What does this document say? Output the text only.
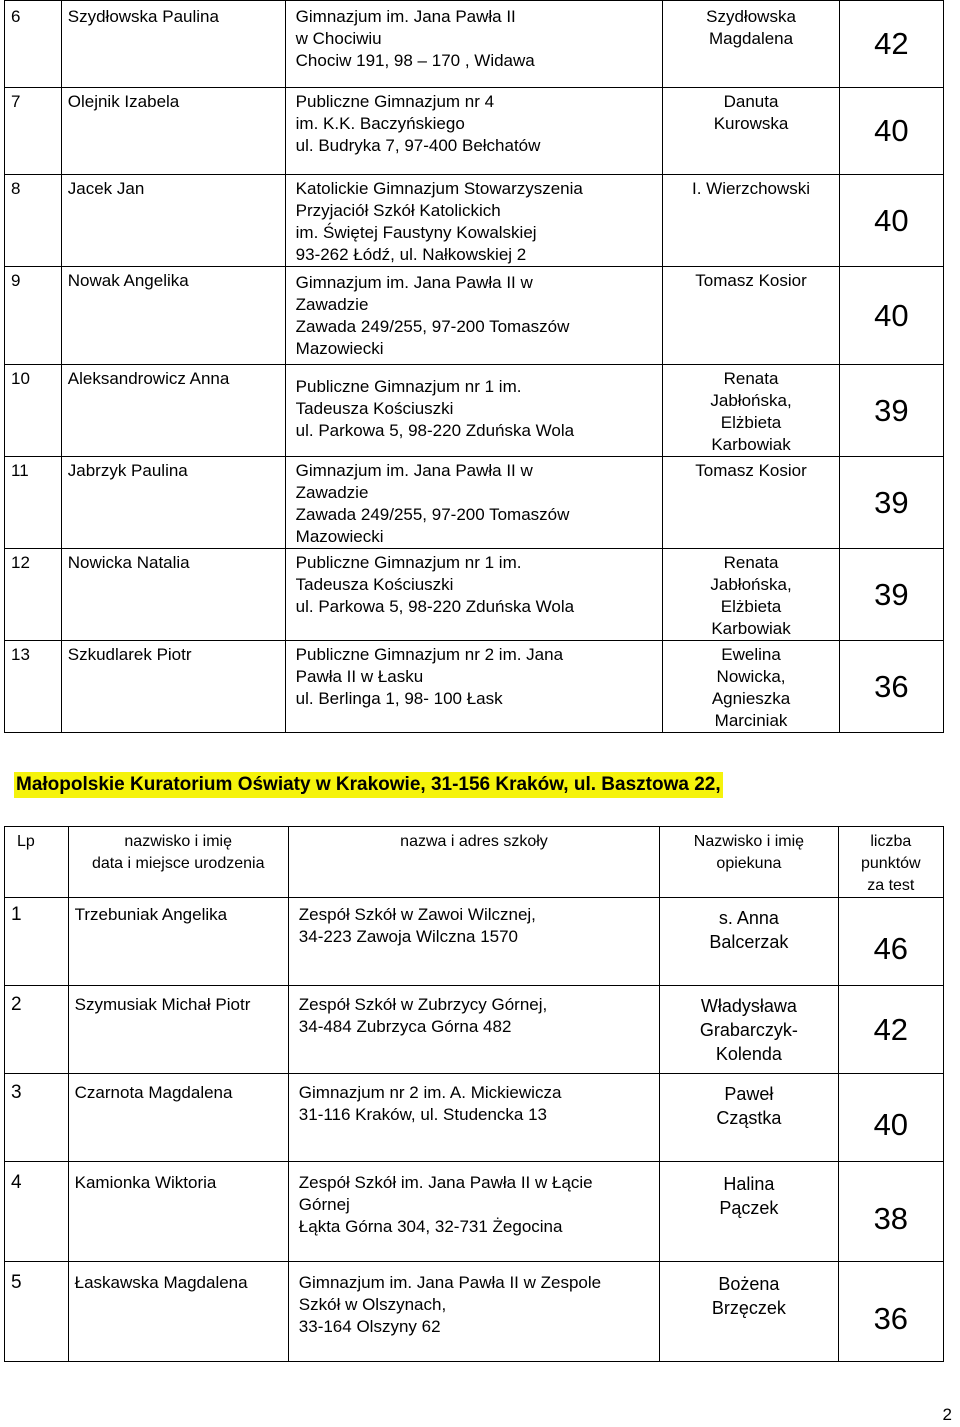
6	Szydłowska Paulina	Gimnazjum im. Jana Pawła II
w Chociwiu
Chociw 191, 98 – 170 , Widawa	Szydłowska
Magdalena	42

7	Olejnik Izabela	Publiczne Gimnazjum nr 4
im. K.K. Baczyńskiego
ul. Budryka 7, 97-400 Bełchatów	Danuta
Kurowska	40

8	Jacek Jan	Katolickie Gimnazjum Stowarzyszenia
Przyjaciół Szkół Katolickich
im. Świętej Faustyny Kowalskiej
93-262 Łódź, ul. Nałkowskiej 2	I. Wierzchowski	40

9	Nowak Angelika	Gimnazjum im. Jana Pawła II w
Zawadzie
Zawada 249/255, 97-200 Tomaszów
Mazowiecki	Tomasz Kosior	40

10	Aleksandrowicz Anna	Publiczne Gimnazjum nr 1 im.
Tadeusza Kościuszki
ul. Parkowa 5, 98-220 Zduńska Wola	Renata
Jabłońska,
Elżbieta
Karbowiak	39

11	Jabrzyk Paulina	Gimnazjum im. Jana Pawła II w
Zawadzie
Zawada 249/255, 97-200 Tomaszów
Mazowiecki	Tomasz Kosior	39

12	Nowicka Natalia	Publiczne Gimnazjum nr 1 im.
Tadeusza Kościuszki
ul. Parkowa 5, 98-220 Zduńska Wola	Renata
Jabłońska,
Elżbieta
Karbowiak	39

13	Szkudlarek Piotr	Publiczne Gimnazjum nr 2 im. Jana
Pawła II w Łasku
ul. Berlinga 1, 98- 100 Łask	Ewelina
Nowicka,
Agnieszka
Marciniak	36
Małopolskie Kuratorium Oświaty w Krakowie, 31-156 Kraków, ul. Basztowa 22,
Lp	nazwisko i imię
data i miejsce urodzenia	nazwa i adres szkoły	Nazwisko i imię
opiekuna	liczba punktów
za test
1	Trzebuniak Angelika	Zespół Szkół w Zawoi Wilcznej,
34-223 Zawoja Wilczna 1570	s. Anna
Balcerzak	46

2	Szymusiak Michał Piotr	Zespół Szkół w Zubrzycy Górnej,
34-484 Zubrzyca Górna 482	Władysława
Grabarczyk-
Kolenda	42

3	Czarnota Magdalena	Gimnazjum nr 2 im. A. Mickiewicza
31-116 Kraków, ul. Studencka 13	Paweł
Cząstka	40

4	Kamionka Wiktoria	Zespół Szkół im. Jana Pawła II w Łącie
Górnej
Łąkta Górna 304, 32-731 Żegocina	Halina
Pączek	38

5	Łaskawska Magdalena	Gimnazjum im. Jana Pawła II w Zespole
Szkół w Olszynach,
33-164 Olszyny 62	Bożena
Brzęczek	36
2
